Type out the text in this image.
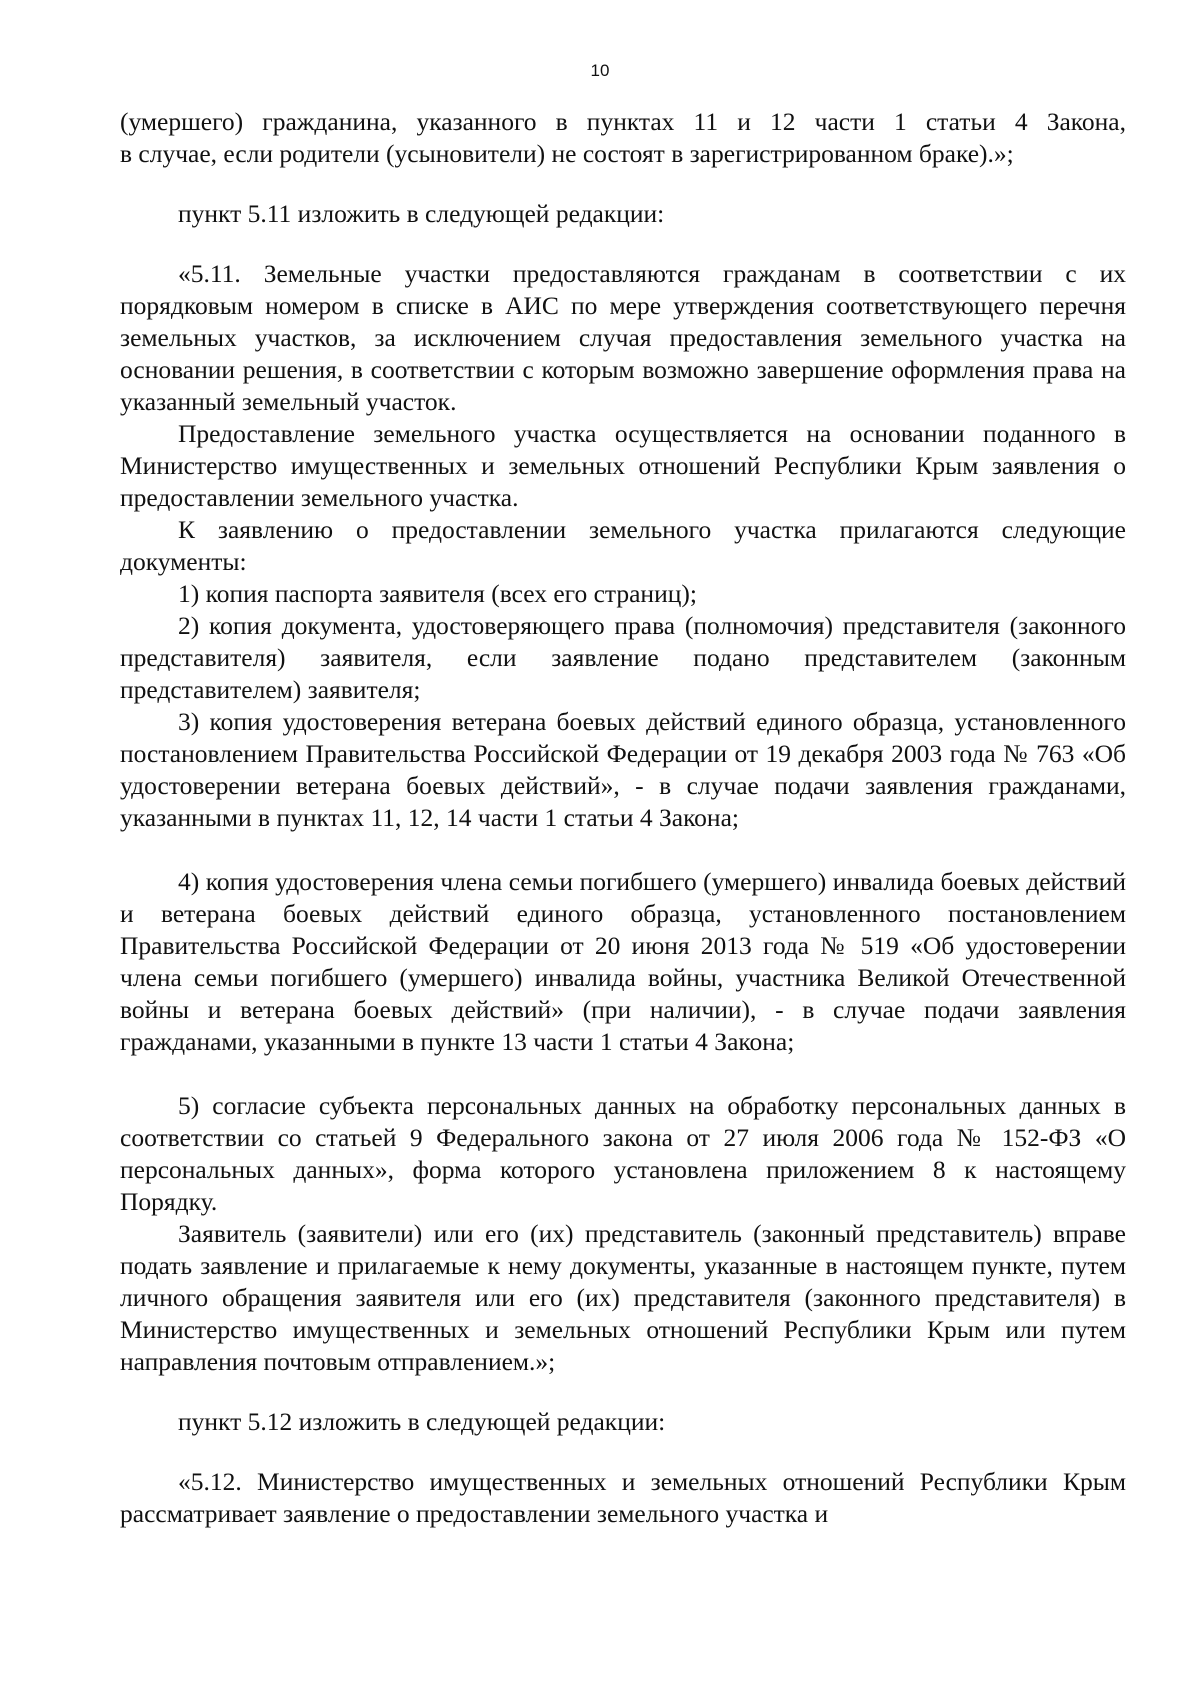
10

(умершего) гражданина, указанного в пунктах 11 и 12 части 1 статьи 4 Закона,

в случае, если родители (усыновители) не состоят в зарегистрированном браке).»;

пункт 5.11 изложить в следующей редакции:

«5.11. Земельные участки предоставляются гражданам в соответствии с их порядковым номером в списке в АИС по мере утверждения соответствующего перечня земельных участков, за исключением случая предоставления земельного участка на основании решения, в соответствии с которым возможно завершение оформления права на указанный земельный участок.

Предоставление земельного участка осуществляется на основании поданного в Министерство имущественных и земельных отношений Республики Крым заявления о предоставлении земельного участка.

К заявлению о предоставлении земельного участка прилагаются следующие документы:

1) копия паспорта заявителя (всех его страниц);

2) копия документа, удостоверяющего права (полномочия) представителя (законного представителя) заявителя, если заявление подано представителем (законным представителем) заявителя;

3) копия удостоверения ветерана боевых действий единого образца, установленного постановлением Правительства Российской Федерации от 19 декабря 2003 года № 763 «Об удостоверении ветерана боевых действий», - в случае подачи заявления гражданами, указанными в пунктах 11, 12, 14 части 1 статьи 4 Закона;

4) копия удостоверения члена семьи погибшего (умершего) инвалида боевых действий и ветерана боевых действий единого образца, установленного постановлением Правительства Российской Федерации от 20 июня 2013 года № 519 «Об удостоверении члена семьи погибшего (умершего) инвалида войны, участника Великой Отечественной войны и ветерана боевых действий» (при наличии), - в случае подачи заявления гражданами, указанными в пункте 13 части 1 статьи 4 Закона;

5) согласие субъекта персональных данных на обработку персональных данных в соответствии со статьей 9 Федерального закона от 27 июля 2006 года № 152-ФЗ «О персональных данных», форма которого установлена приложением 8 к настоящему Порядку.

Заявитель (заявители) или его (их) представитель (законный представитель) вправе подать заявление и прилагаемые к нему документы, указанные в настоящем пункте, путем личного обращения заявителя или его (их) представителя (законного представителя) в Министерство имущественных и земельных отношений Республики Крым или путем направления почтовым отправлением.»;

пункт 5.12 изложить в следующей редакции:

«5.12. Министерство имущественных и земельных отношений Республики Крым рассматривает заявление о предоставлении земельного участка и
